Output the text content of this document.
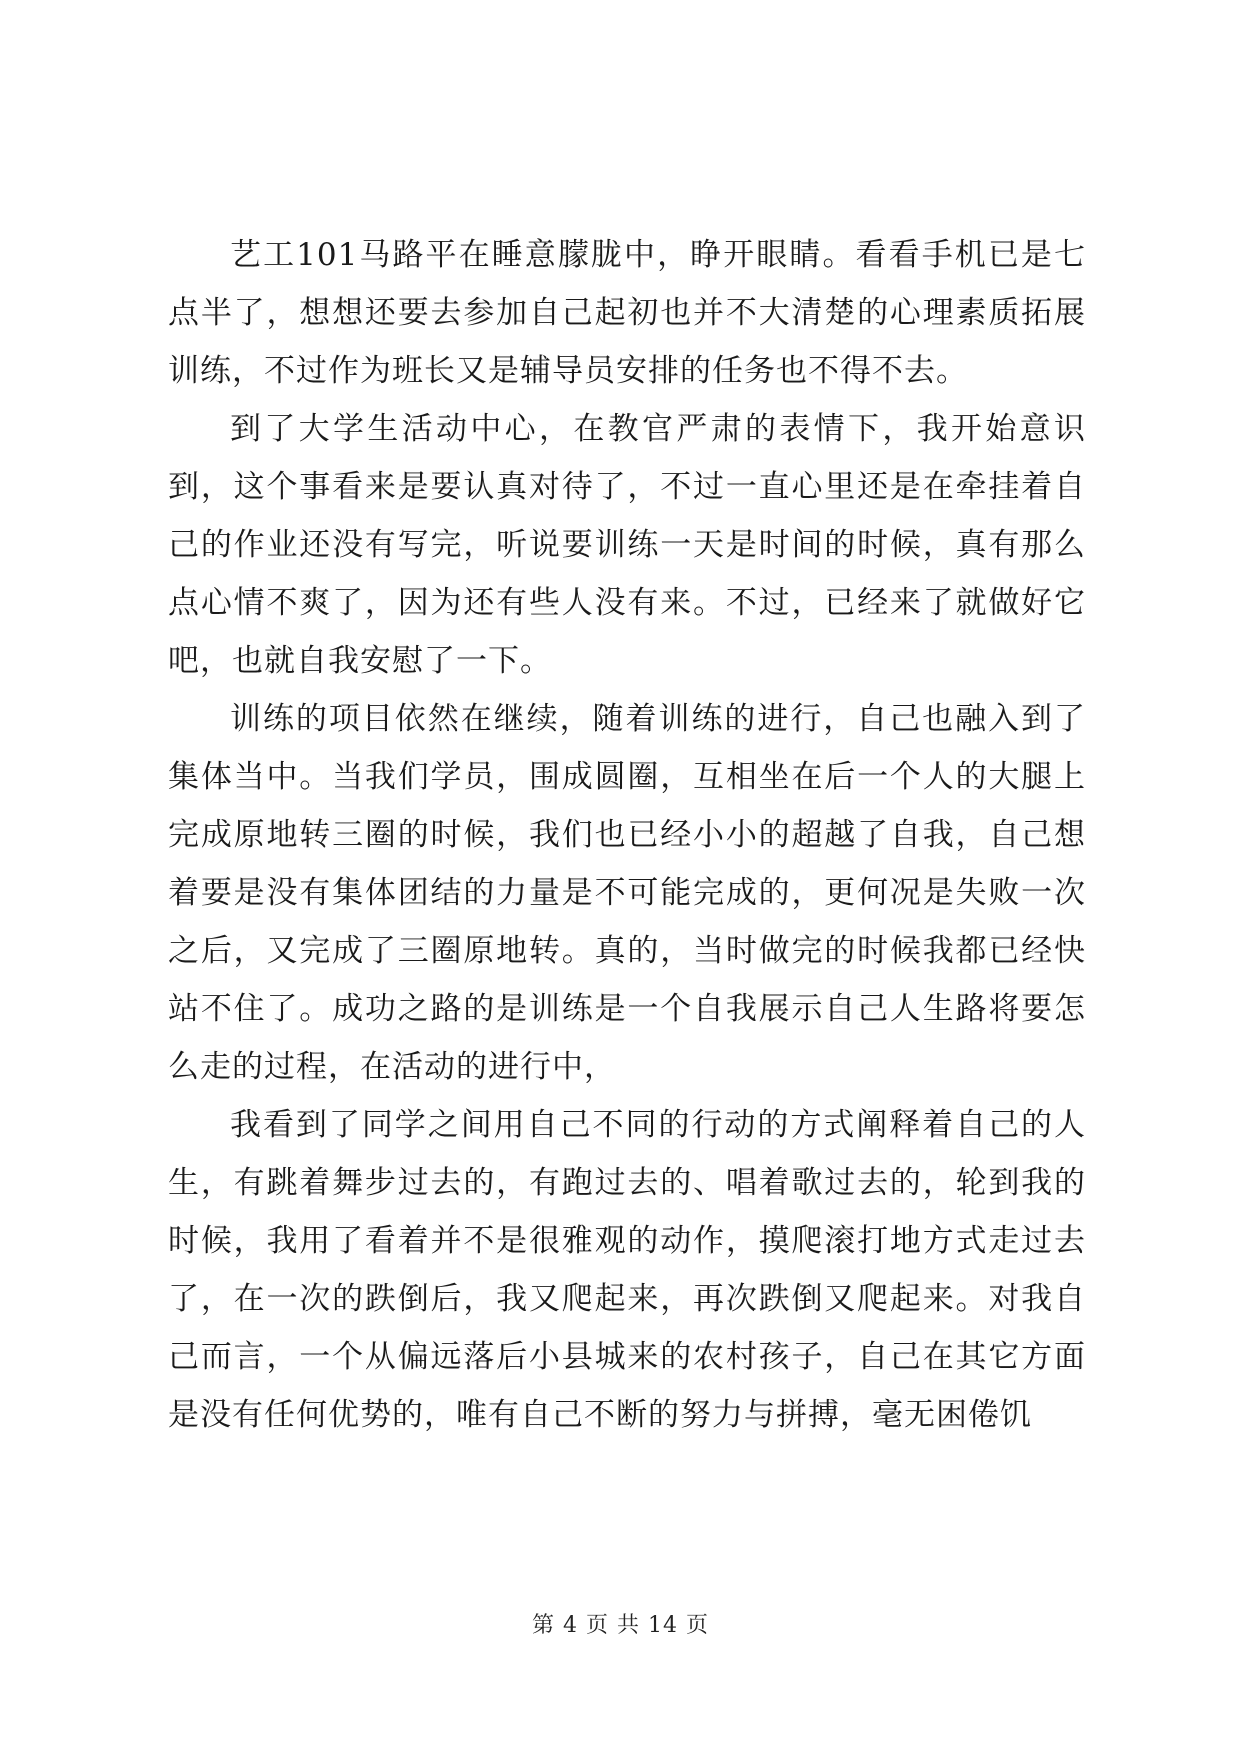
艺工101马路平在睡意朦胧中，睁开眼睛。看看手机已是七点半了，想想还要去参加自己起初也并不大清楚的心理素质拓展训练，不过作为班长又是辅导员安排的任务也不得不去。

到了大学生活动中心，在教官严肃的表情下，我开始意识到，这个事看来是要认真对待了，不过一直心里还是在牵挂着自己的作业还没有写完，听说要训练一天是时间的时候，真有那么点心情不爽了，因为还有些人没有来。不过，已经来了就做好它吧，也就自我安慰了一下。

训练的项目依然在继续，随着训练的进行，自己也融入到了集体当中。当我们学员，围成圆圈，互相坐在后一个人的大腿上完成原地转三圈的时候，我们也已经小小的超越了自我，自己想着要是没有集体团结的力量是不可能完成的，更何况是失败一次之后，又完成了三圈原地转。真的，当时做完的时候我都已经快站不住了。成功之路的是训练是一个自我展示自己人生路将要怎么走的过程，在活动的进行中，

我看到了同学之间用自己不同的行动的方式阐释着自己的人生，有跳着舞步过去的，有跑过去的、唱着歌过去的，轮到我的时候，我用了看着并不是很雅观的动作，摸爬滚打地方式走过去了，在一次的跌倒后，我又爬起来，再次跌倒又爬起来。对我自己而言，一个从偏远落后小县城来的农村孩子，自己在其它方面是没有任何优势的，唯有自己不断的努力与拼搏，毫无困倦饥

第 4 页 共 14 页
